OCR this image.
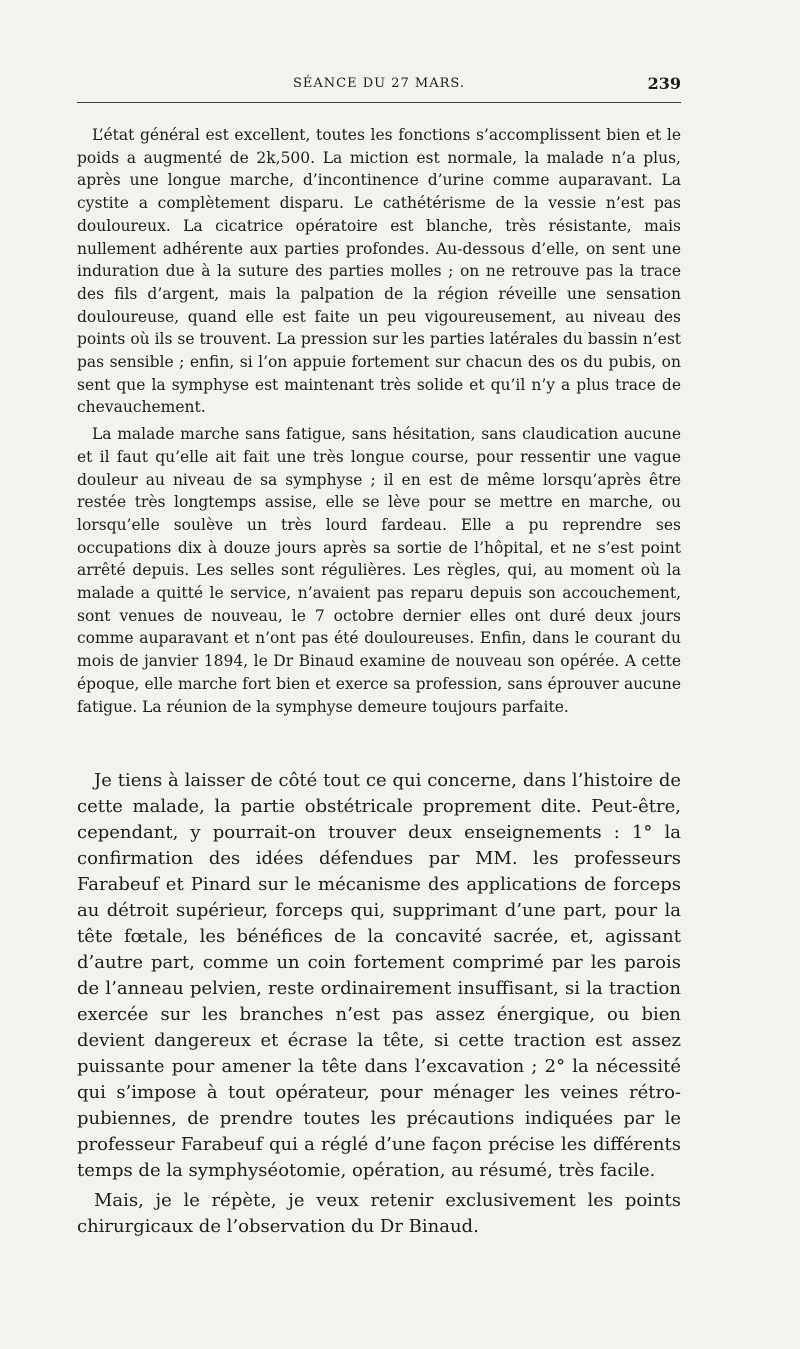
SÉANCE DU 27 MARS.	239

L’état général est excellent, toutes les fonctions s’accomplissent bien et le poids a augmenté de 2k,500. La miction est normale, la malade n’a plus, après une longue marche, d’incontinence d’urine comme auparavant. La cystite a complètement disparu. Le cathétérisme de la vessie n’est pas douloureux. La cicatrice opératoire est blanche, très résistante, mais nullement adhérente aux parties profondes. Au-dessous d’elle, on sent une induration due à la suture des parties molles ; on ne retrouve pas la trace des fils d’argent, mais la palpation de la région réveille une sensation douloureuse, quand elle est faite un peu vigoureusement, au niveau des points où ils se trouvent. La pression sur les parties latérales du bassin n’est pas sensible ; enfin, si l’on appuie fortement sur chacun des os du pubis, on sent que la symphyse est maintenant très solide et qu’il n’y a plus trace de chevauchement.

La malade marche sans fatigue, sans hésitation, sans claudication aucune et il faut qu’elle ait fait une très longue course, pour ressentir une vague douleur au niveau de sa symphyse ; il en est de même lorsqu’après être restée très longtemps assise, elle se lève pour se mettre en marche, ou lorsqu’elle soulève un très lourd fardeau. Elle a pu reprendre ses occupations dix à douze jours après sa sortie de l’hôpital, et ne s’est point arrêté depuis. Les selles sont régulières. Les règles, qui, au moment où la malade a quitté le service, n’avaient pas reparu depuis son accouchement, sont venues de nouveau, le 7 octobre dernier elles ont duré deux jours comme auparavant et n’ont pas été douloureuses. Enfin, dans le courant du mois de janvier 1894, le Dr Binaud examine de nouveau son opérée. A cette époque, elle marche fort bien et exerce sa profession, sans éprouver aucune fatigue. La réunion de la symphyse demeure toujours parfaite.

Je tiens à laisser de côté tout ce qui concerne, dans l’histoire de cette malade, la partie obstétricale proprement dite. Peut-être, cependant, y pourrait-on trouver deux enseignements : 1° la confirmation des idées défendues par MM. les professeurs Farabeuf et Pinard sur le mécanisme des applications de forceps au détroit supérieur, forceps qui, supprimant d’une part, pour la tête fœtale, les bénéfices de la concavité sacrée, et, agissant d’autre part, comme un coin fortement comprimé par les parois de l’anneau pelvien, reste ordinairement insuffisant, si la traction exercée sur les branches n’est pas assez énergique, ou bien devient dangereux et écrase la tête, si cette traction est assez puissante pour amener la tête dans l’excavation ; 2° la nécessité qui s’impose à tout opérateur, pour ménager les veines rétro-pubiennes, de prendre toutes les précautions indiquées par le professeur Farabeuf qui a réglé d’une façon précise les différents temps de la symphyséotomie, opération, au résumé, très facile.

Mais, je le répète, je veux retenir exclusivement les points chirurgicaux de l’observation du Dr Binaud.
